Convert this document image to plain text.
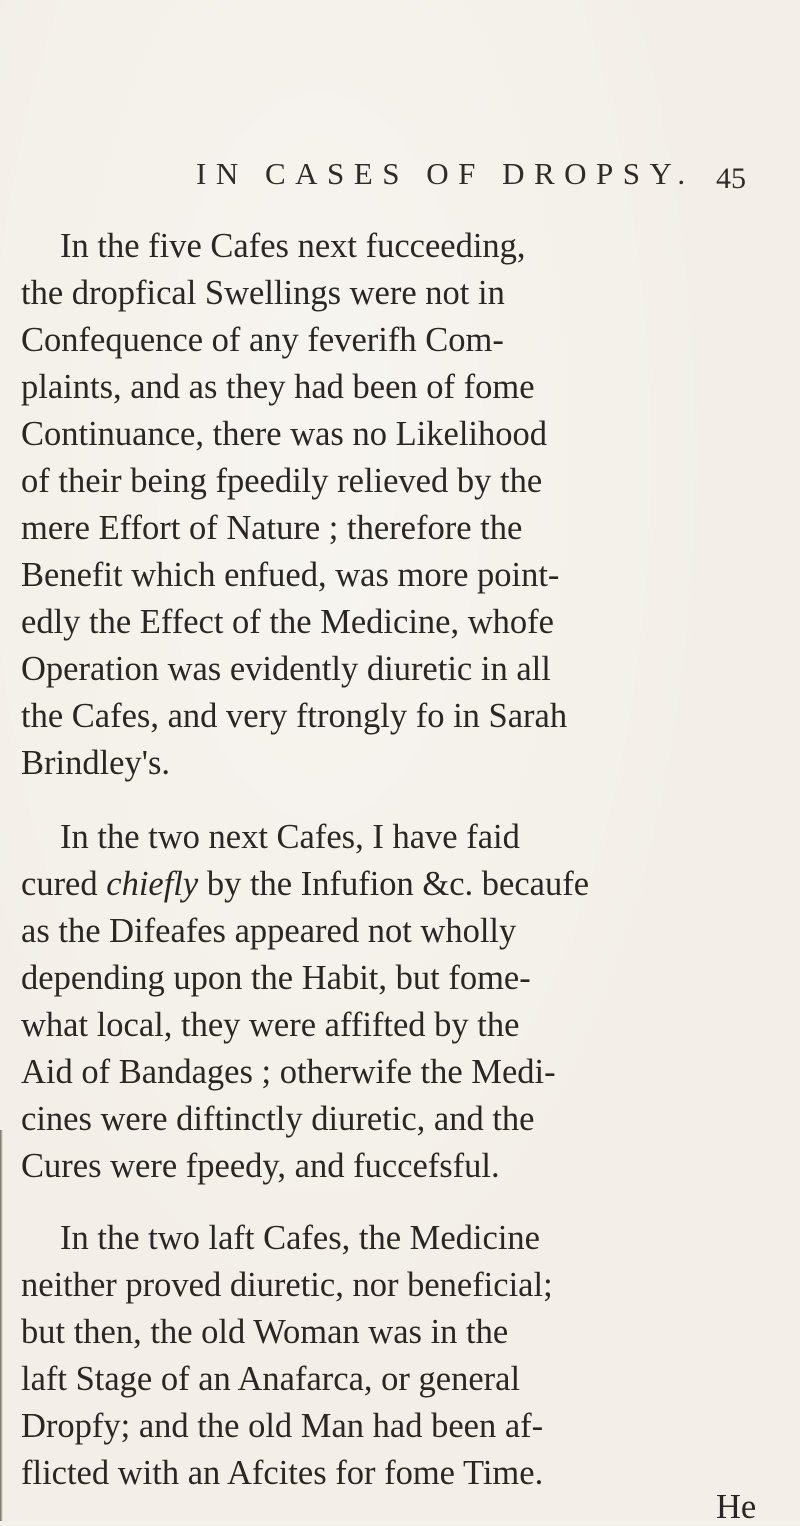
IN CASES OF DROPSY. 45
In the five Cafes next fucceeding,
the dropfical Swellings were not in
Confequence of any feverifh Com-
plaints, and as they had been of fome
Continuance, there was no Likelihood
of their being fpeedily relieved by the
mere Effort of Nature ; therefore the
Benefit which enfued, was more point-
edly the Effect of the Medicine, whofe
Operation was evidently diuretic in all
the Cafes, and very ftrongly fo in Sarah
Brindley's.
In the two next Cafes, I have faid
cured chiefly by the Infufion &c. becaufe
as the Difeafes appeared not wholly
depending upon the Habit, but fome-
what local, they were affifted by the
Aid of Bandages ; otherwife the Medi-
cines were diftinctly diuretic, and the
Cures were fpeedy, and fuccefsful.
In the two laft Cafes, the Medicine
neither proved diuretic, nor beneficial;
but then, the old Woman was in the
laft Stage of an Anafarca, or general
Dropfy; and the old Man had been af-
flicted with an Afcites for fome Time.
He
